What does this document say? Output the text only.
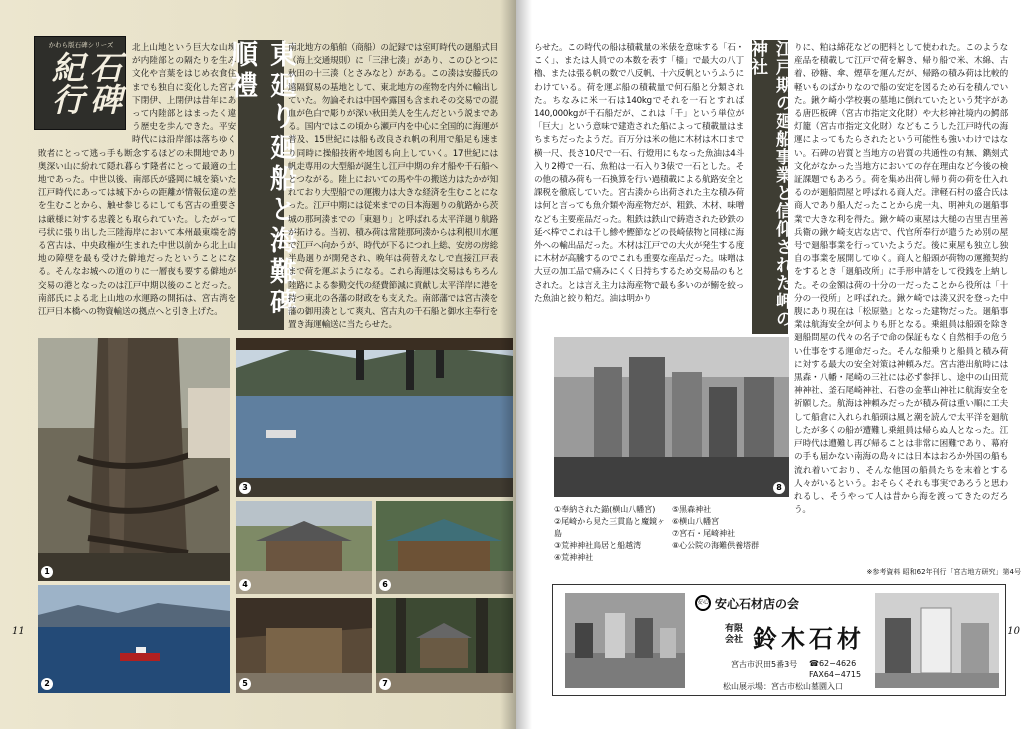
かわら版石碑シリーズ
石碑紀行
北上山地という巨大な山塊が内陸部との隔たりを生み文化や言葉をはじめ衣食住までも独自に変化した宮古下閉伊、上閉伊は昔年にあって内陸部とはまったく違う歴史を歩んできた。平安時代には沿岸部は落ちゆく敗者にとって逃っ手も断念するほどの未開地であり奥深い山に紛れて隠れ暮らす隆者にとって最適の土地であった。中世以後、南部氏が盛岡に城を築いた江戸時代にあっては城下からの距離が情報伝達の差を生むことから、触せ参じるにしても宮古の重要さは厳様に対する忠義とも取られていた。したがって弓状に張り出した三陸海岸において本州最東端を誇る宮古は、中央政権が生まれた中世以前から北上山地の障壁を最も受けた僻地だったということになる。そんなお城への道のりに一層夜も要する僻地が交易の港となったのは江戸中期以後のことだった。南部氏による北上山地の水運路の開拓は、宮古湾を江戸日本橋への物資輸送の拠点へと引き上げた。	東廻り廻船と海難碑順禮	南北地方の船舶（商船）の記録では室町時代の廻船式目（海上交通規則）に「三津七湊」があり、このひとつに秋田の十三湊（とさみなと）がある。この湊は安藤氏の遠隔貿易の基地として、東北地方の産物を内外に輸出していた。勿論それは中国や露国も含まれその交易での混血が色白で彫りが深い秋田美人を生んだという説まである。国内ではこの頃から瀬戸内を中心に全国的に海運が普及、15世紀には船も改良され帆の利用で船足も速まり同時に操船技術や地図も向上していく。17世紀には帆走専用の大型船が誕生し江戸中期の弁才船や千石船へとつながる。陸上においての馬や牛の搬送力はたかが知れており大型船での運搬力は大きな経済を生むことになった。江戸中期には従来までの日本海廻りの航路から茨城の那珂湊までの「東廻り」と呼ばれる太平洋廻り航路が拓ける。当初、積み荷は常陸那珂湊からは利根川水運で江戸へ向かうが、時代が下るにつれ上総、安房の房総半島廻りが開発され、晩年は荷替えなしで直接江戸表まで荷を運ぶようになる。これら海運は交易はもちろん陸路による参勤交代の経費節減に貢献し太平洋岸に港を持つ東北の各藩の財政をも支えた。南部藩では宮古湊を藩の御用湊として爽丸、宮古丸の千石船と御水主奉行を置き海運輸送に当たらせた。
1
2
3
4	6
5	7
11
らせた。この時代の船は積載量の米俵を意味する「石・こく」、または人員での本数を表す「檣」で最大の八丁櫓、または張る帆の数で八反帆、十六反帆というふうにわけている。荷を運ぶ船の積載量で何石船と分類された。ちなみに米一石は140kgでそれを一石とすれば140,000kgが千石船だが、これは「千」という単位が「巨大」という意味で建造された船によって積載量はまちまちだったようだ。百万分は米の他に木材は木口まで横一尺、長さ10尺で一石、行燈用にもなった魚油は4斗入り2樽で一石、魚粕は一石入り3俵で一石とした。その他の積み荷も一石換算を行い過積載による航路安全と課税を徹底していた。宮古湊から出荷された主な積み荷は何と言っても魚介類や海産物だが、粗鉄、木材、味噌なども主要産品だった。粗鉄は鉄山で鋳造された砂鉄の延べ棒でこれは千し鯵や鰹節などの長崎俵物と同様に海外への輸出品だった。木材は江戸での大火が発生する度に木材が高騰するのでこれも重要な産品だった。味噌は大豆の加工品で痛みにくく日持ちするため交易品のもとされた。とは言え主力は海産物で最も多いのが鰯を絞った魚油と絞り粕だ。油は明かり	江戸期の廻船事業と信仰された岬の神社	りに、粕は綿花などの肥料として使われた。このような産品を積載して江戸で荷を解き、帰り船で米、木綿、古着、砂糖、傘、煙草を運んだが、帰路の積み荷は比較的軽いものばかりなので船の安定を図るため石を積んでいた。鍬ケ崎小学校裏の墓地に倒れていたという梵字がある唐匹板碑（宮古市指定文化財）や大杉神社境内の鰐部灯籠（宮古市指定文化財）などもこうした江戸時代の海運によってもたらされたという可能性も強いわけではない。石碑の岩質と当地方の岩質の共通性の有無、鐫刻式文化がなかった当地方においての存在理由など今後の検証課題でもあろう。荷を集め出荷し帰り荷の荷を仕入れるのが廻船問屋と呼ばれる商人だ。津軽石村の盛合氏は商人であり船人だったことから虎一丸、明神丸の廻船事業で大きな利を得た。鍬ケ崎の東屋は大槌の吉里吉里善兵衛の鍬ケ崎支店な店で、代官所奉行が遣うため別の屋号で廻船事業を行っていたようだ。後に東屋も独立し独自の事業を展開してゆく。商人と船頭が荷物の運搬契約をするとき「廻船改所」に手形申請をして役銭を上納した。その金額は荷の十分の一だったことから役所は「十分の一役所」と呼ばれた。鍬ケ崎では湊又沢を登った中腹にあり現在は「松原塾」となった建物だった。廻船事業は航海安全が何よりも肝となる。乗組員は船頭を除き廻船問屋の代々の名子で命の保証もなく自然相手の危うい仕事をする運命だった。そんな船乗りと船員と積み荷に対する最大の安全対策は神頼みだ。宮古港出航時には黒森・八幡・尾崎の三社には必ず参拝し、途中の山田荒神神社、釜石尾崎神社、石巻の金華山神社に航海安全を祈願した。航海は神頼みだったが積み荷は重い順に工夫して船倉に入れられ船頭は風と潮を読んで太平洋を廻航したが多くの船が遭難し乗組員は帰らぬ人となった。江戸時代は遭難し再び帰ることは非常に困難であり、幕府の手も届かない南海の島々には日本はおろか外国の船も流れ着いており、そんな他国の船員たちを末着とする人々がいるという。おそらくそれも事実であろうと思われるし、そうやって人は昔から海を渡ってきたのだろう。
8
①奉納された錨(横山八幡宮)
②尾崎から見た三貫島と魔鏡ヶ島
③荒神神社鳥居と船越湾
④荒神神社
⑤黒森神社
⑥横山八幡宮
⑦宮石・尾崎神社
⑧心公院の海難供養塔群
※参考資料 昭和62年刊行「宮古地方研究」第4号
安心 安心石材店の会
有限会社 鈴木石材
宮古市沢田5番3号 ☎62−4626
FAX64−4715
松山展示場：宮古市松山墓園入口
10
